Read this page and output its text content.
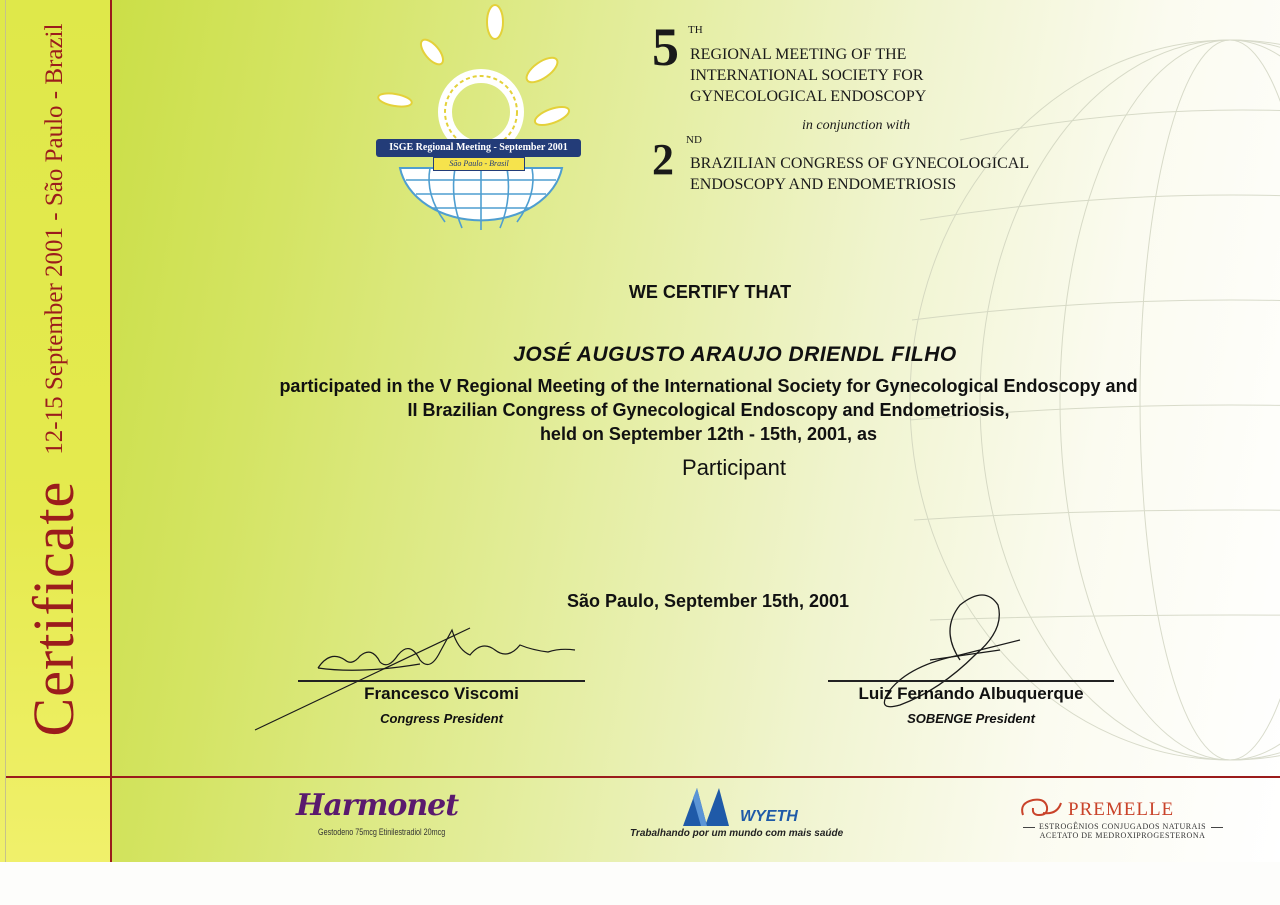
Certificate12-15 September 2001 - São Paulo - Brazil	ISGE Regional Meeting - September 2001
São Paulo - Brasil
5 TH
REGIONAL MEETING OF THE
INTERNATIONAL SOCIETY FOR
GYNECOLOGICAL ENDOSCOPY
in conjunction with
2 ND
BRAZILIAN CONGRESS OF GYNECOLOGICAL
ENDOSCOPY AND ENDOMETRIOSIS
WE CERTIFY THAT
JOSÉ AUGUSTO ARAUJO DRIENDL FILHO
participated in the V Regional Meeting of the International Society for Gynecological Endoscopy and
II Brazilian Congress of Gynecological Endoscopy and Endometriosis,
held on September 12th - 15th, 2001, as
Participant
São Paulo, September 15th, 2001
Francesco Viscomi
Congress President
Luiz Fernando Albuquerque
SOBENGE President
Harmonet
Gestodeno 75mcg Etinilestradiol 20mcg
WYETH
Trabalhando por um mundo com mais saúde
PREMELLE
ESTROGÊNIOS CONJUGADOS NATURAIS
ACETATO DE MEDROXIPROGESTERONA
